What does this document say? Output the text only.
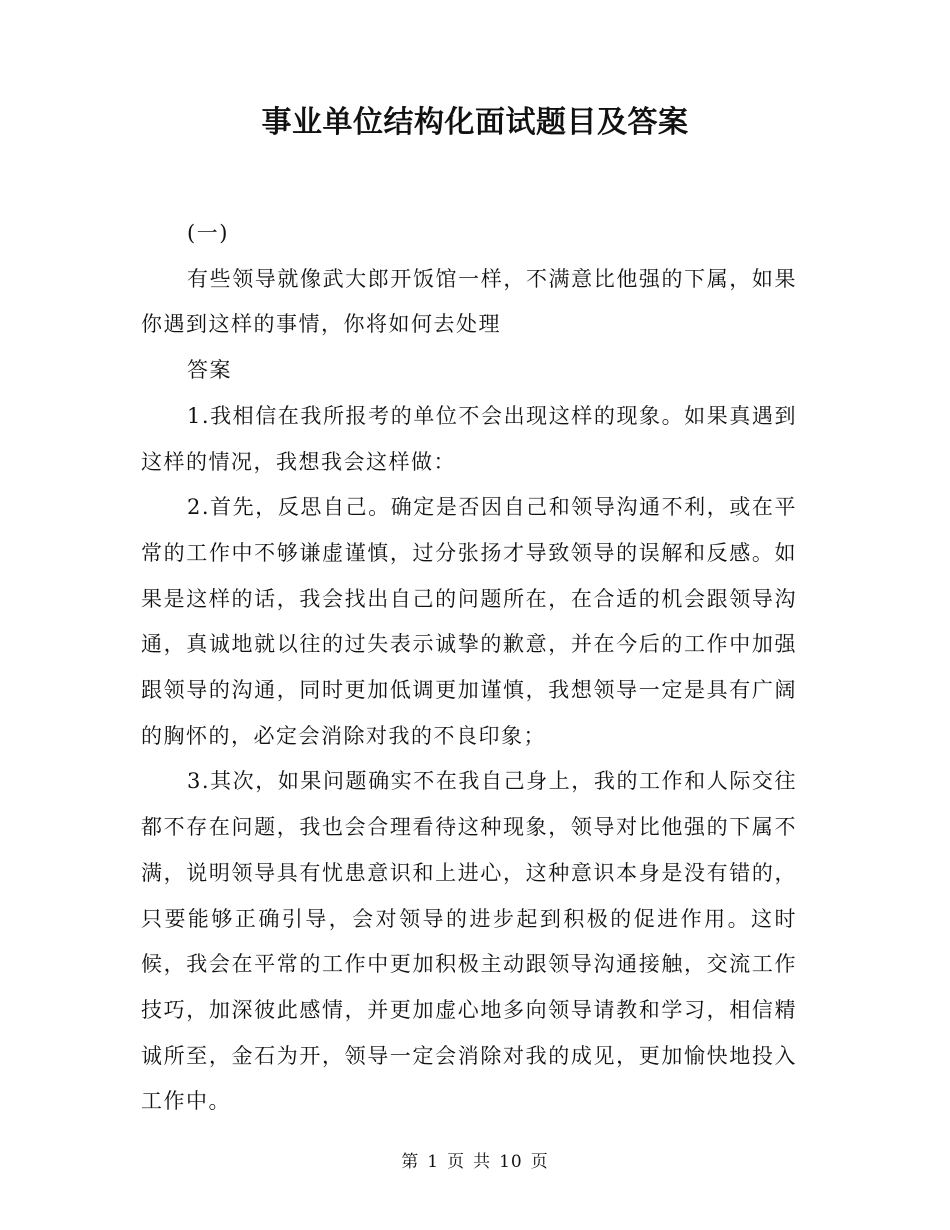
事业单位结构化面试题目及答案

(一)

有些领导就像武大郎开饭馆一样，不满意比他强的下属，如果你遇到这样的事情，你将如何去处理

答案

1.我相信在我所报考的单位不会出现这样的现象。如果真遇到这样的情况，我想我会这样做：

2.首先，反思自己。确定是否因自己和领导沟通不利，或在平常的工作中不够谦虚谨慎，过分张扬才导致领导的误解和反感。如果是这样的话，我会找出自己的问题所在，在合适的机会跟领导沟通，真诚地就以往的过失表示诚挚的歉意，并在今后的工作中加强跟领导的沟通，同时更加低调更加谨慎，我想领导一定是具有广阔的胸怀的，必定会消除对我的不良印象；

3.其次，如果问题确实不在我自己身上，我的工作和人际交往都不存在问题，我也会合理看待这种现象，领导对比他强的下属不满，说明领导具有忧患意识和上进心，这种意识本身是没有错的，只要能够正确引导，会对领导的进步起到积极的促进作用。这时候，我会在平常的工作中更加积极主动跟领导沟通接触，交流工作技巧，加深彼此感情，并更加虚心地多向领导请教和学习，相信精诚所至，金石为开，领导一定会消除对我的成见，更加愉快地投入工作中。

第 1 页 共 10 页
